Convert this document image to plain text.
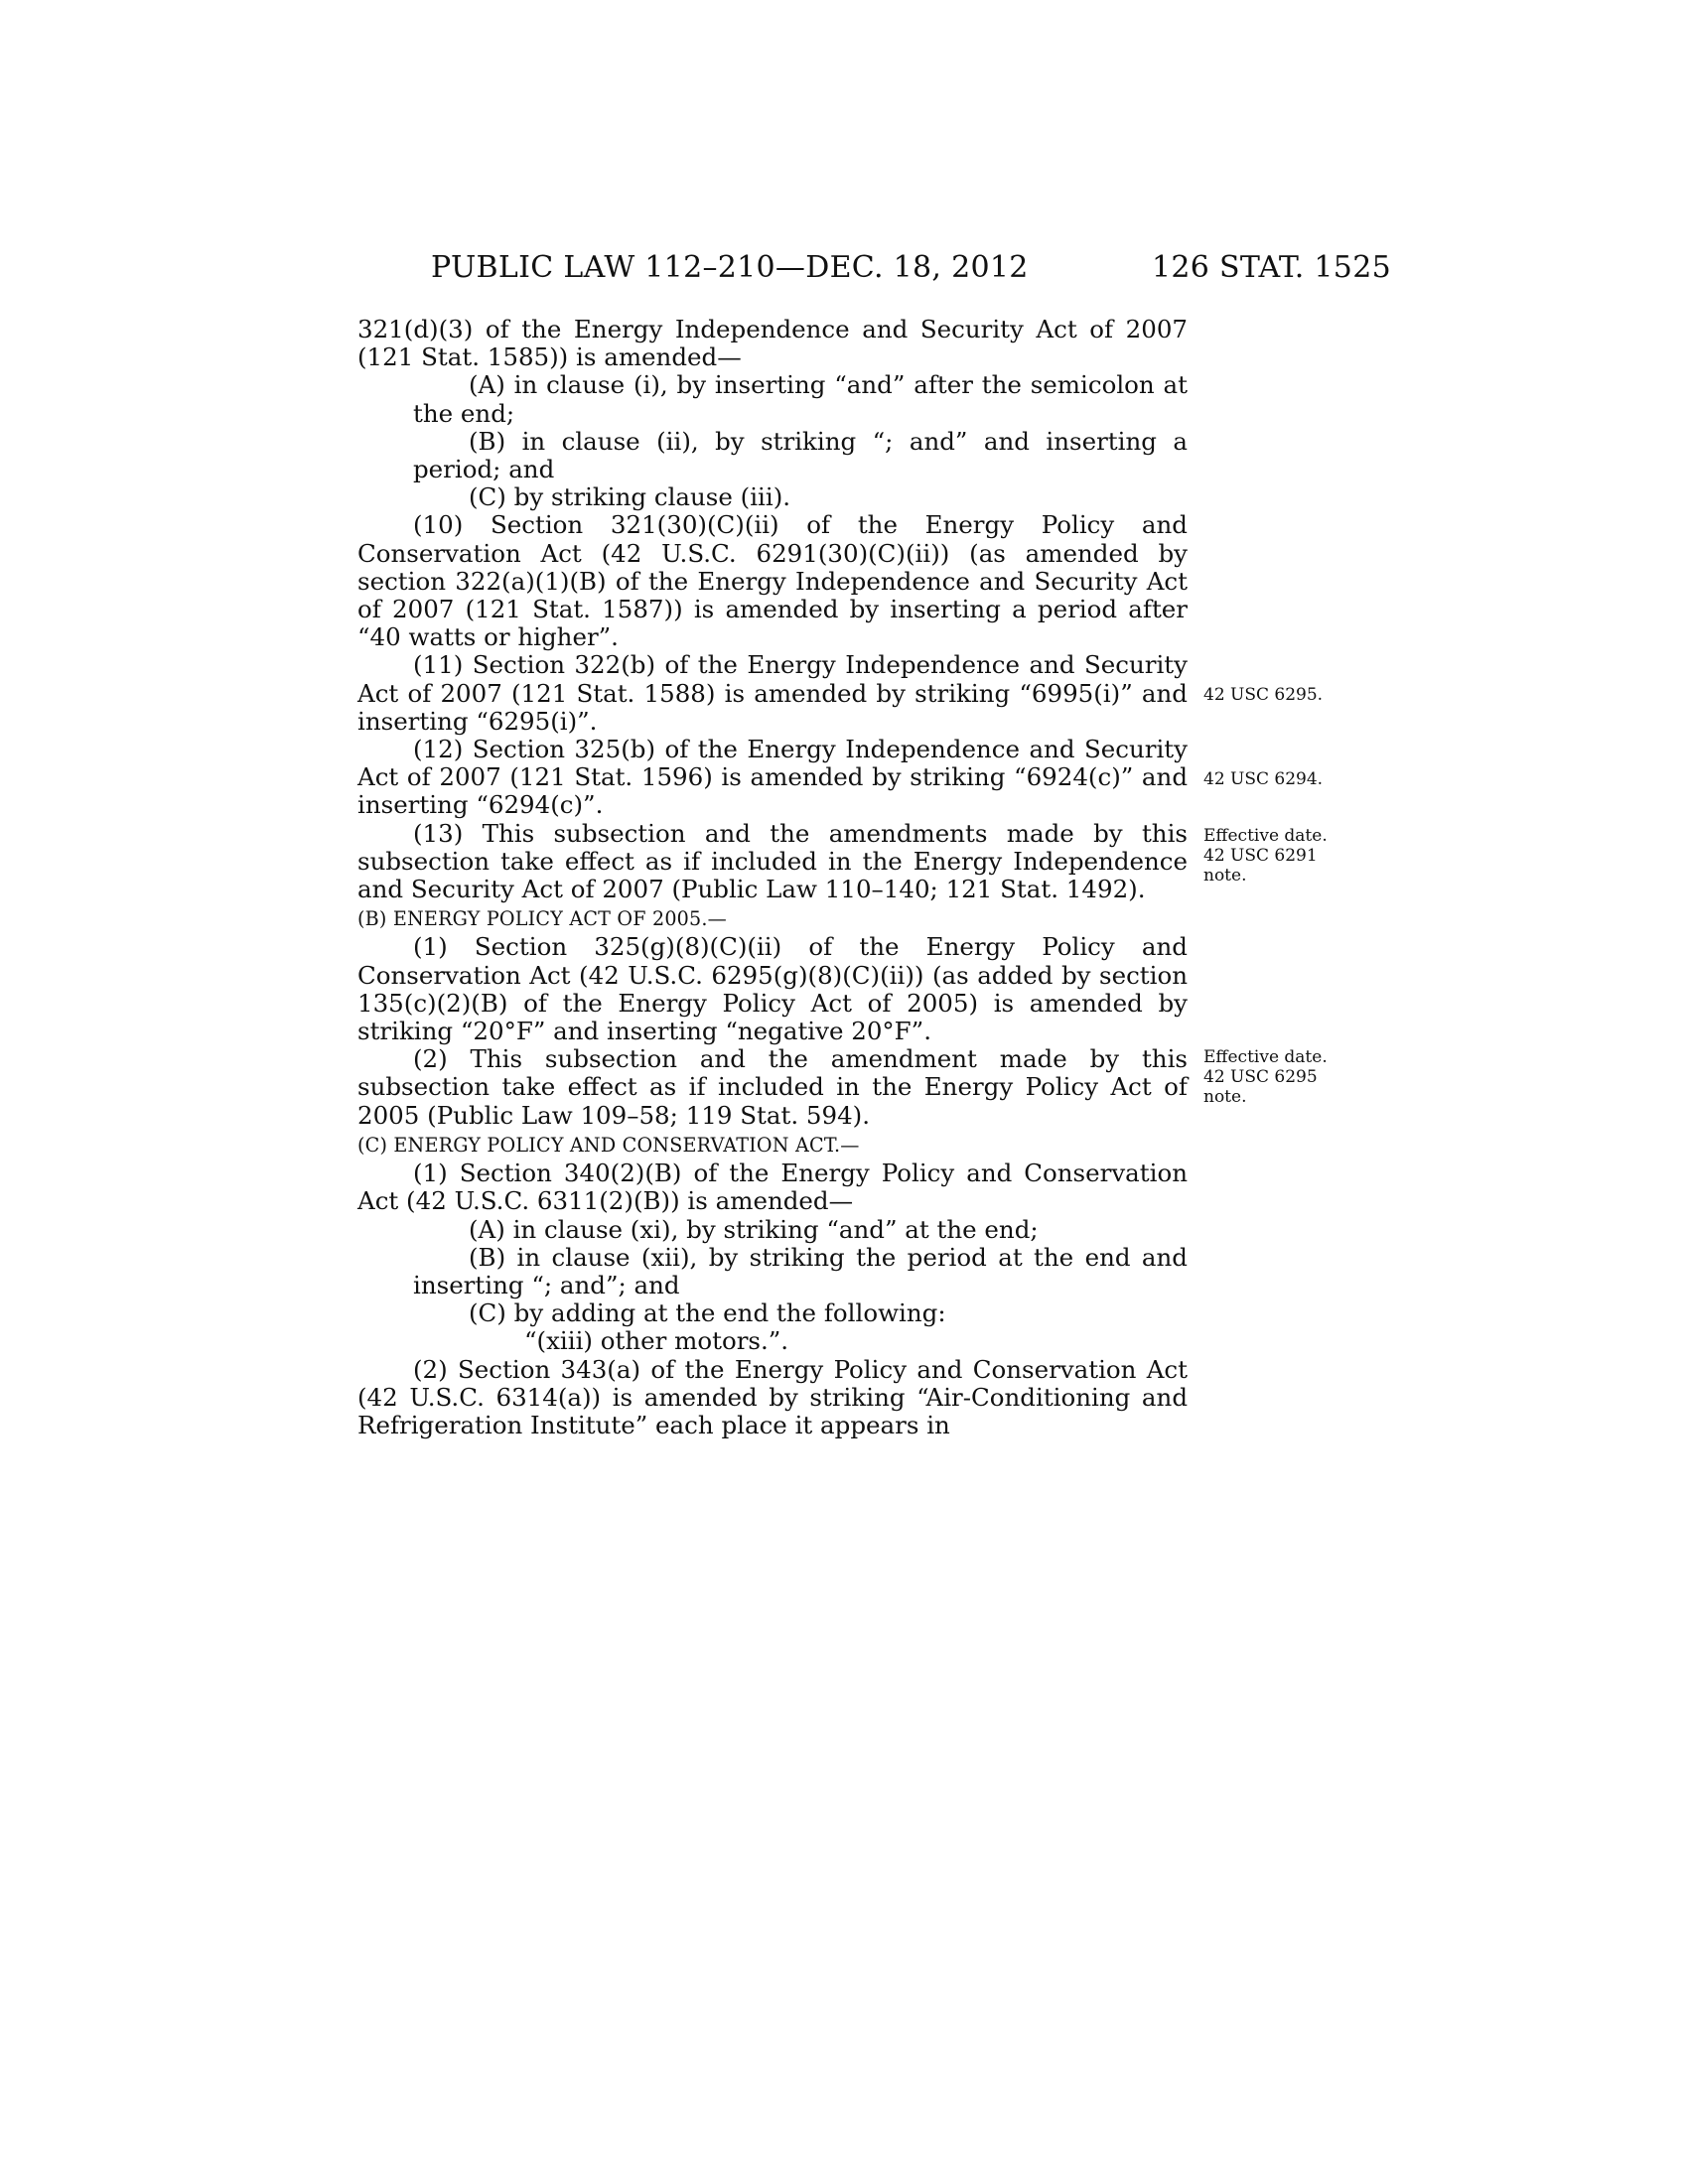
PUBLIC LAW 112–210—DEC. 18, 2012	126 STAT. 1525

321(d)(3) of the Energy Independence and Security Act of 2007 (121 Stat. 1585)) is amended—

(A) in clause (i), by inserting “and” after the semicolon at the end;

(B) in clause (ii), by striking “; and” and inserting a period; and

(C) by striking clause (iii).

(10) Section 321(30)(C)(ii) of the Energy Policy and Conservation Act (42 U.S.C. 6291(30)(C)(ii)) (as amended by section 322(a)(1)(B) of the Energy Independence and Security Act of 2007 (121 Stat. 1587)) is amended by inserting a period after “40 watts or higher”.

(11) Section 322(b) of the Energy Independence and Security Act of 2007 (121 Stat. 1588) is amended by striking “6995(i)” and inserting “6295(i)”.

(12) Section 325(b) of the Energy Independence and Security Act of 2007 (121 Stat. 1596) is amended by striking “6924(c)” and inserting “6294(c)”.

(13) This subsection and the amendments made by this subsection take effect as if included in the Energy Independence and Security Act of 2007 (Public Law 110–140; 121 Stat. 1492).

(B) ENERGY POLICY ACT OF 2005.—

(1) Section 325(g)(8)(C)(ii) of the Energy Policy and Conservation Act (42 U.S.C. 6295(g)(8)(C)(ii)) (as added by section 135(c)(2)(B) of the Energy Policy Act of 2005) is amended by striking “20°F” and inserting “negative 20°F”.

(2) This subsection and the amendment made by this subsection take effect as if included in the Energy Policy Act of 2005 (Public Law 109–58; 119 Stat. 594).

(C) ENERGY POLICY AND CONSERVATION ACT.—

(1) Section 340(2)(B) of the Energy Policy and Conservation Act (42 U.S.C. 6311(2)(B)) is amended—

(A) in clause (xi), by striking “and” at the end;

(B) in clause (xii), by striking the period at the end and inserting “; and”; and

(C) by adding at the end the following:

“(xiii) other motors.”.

(2) Section 343(a) of the Energy Policy and Conservation Act (42 U.S.C. 6314(a)) is amended by striking “Air-Conditioning and Refrigeration Institute” each place it appears in

42 USC 6295.
42 USC 6294.
Effective date.
42 USC 6291
note.
Effective date.
42 USC 6295
note.
